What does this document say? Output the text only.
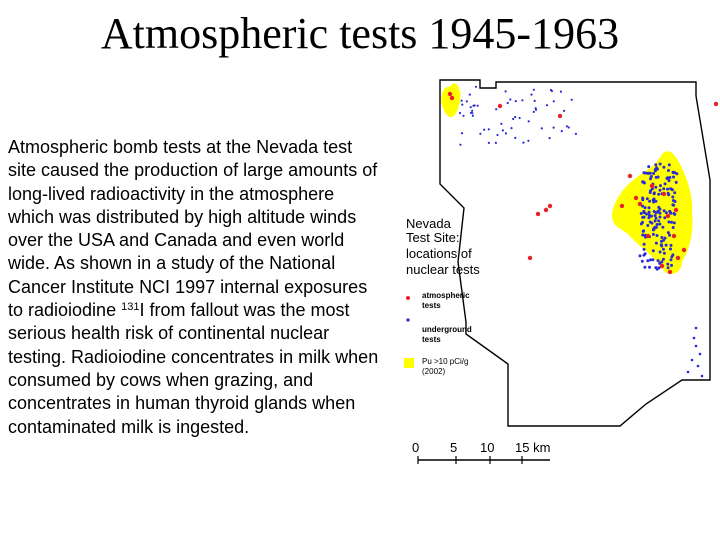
Atmospheric tests 1945-1963
Atmospheric bomb tests at the Nevada test site caused the production of large amounts of long-lived radioactivity in the atmosphere which was distributed by high altitude winds over the USA and Canada and even world wide. As shown in a study of the National Cancer Institute NCI 1997 internal exposures to radioiodine $^{131}$I from fallout was the most serious health risk of continental nuclear testing. Radioiodine concentrates in milk when consumed by cows when grazing, and concentrates in human thyroid glands when contaminated milk is ingested.
Nevada
Test Site:
locations of
nuclear tests
atmospheric
tests
underground
tests
Pu >10 pCi/g
(2002)
0 5 10 15 km
